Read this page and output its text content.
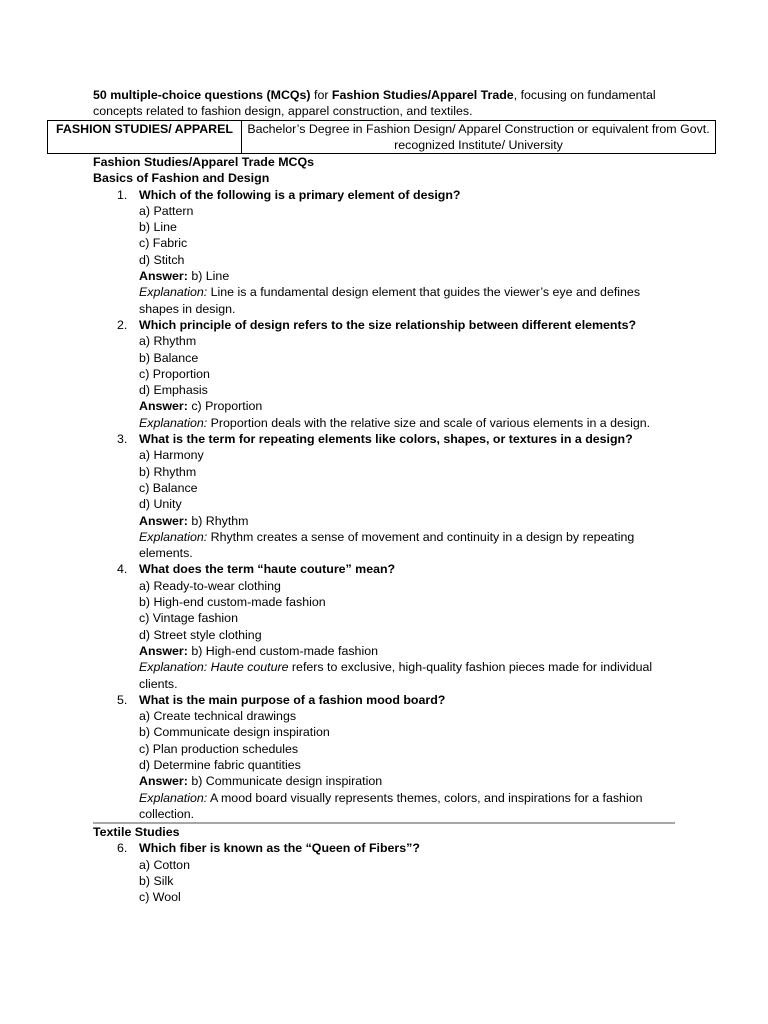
50 multiple-choice questions (MCQs) for Fashion Studies/Apparel Trade, focusing on fundamental concepts related to fashion design, apparel construction, and textiles.

FASHION STUDIES/ APPAREL	Bachelor’s Degree in Fashion Design/ Apparel Construction or equivalent from Govt. recognized Institute/ University

Fashion Studies/Apparel Trade MCQs

Basics of Fashion and Design

1. Which of the following is a primary element of design?

a) Pattern

b) Line

c) Fabric

d) Stitch

Answer: b) Line

Explanation: Line is a fundamental design element that guides the viewer’s eye and defines shapes in design.

2. Which principle of design refers to the size relationship between different elements?

a) Rhythm

b) Balance

c) Proportion

d) Emphasis

Answer: c) Proportion

Explanation: Proportion deals with the relative size and scale of various elements in a design.

3. What is the term for repeating elements like colors, shapes, or textures in a design?

a) Harmony

b) Rhythm

c) Balance

d) Unity

Answer: b) Rhythm

Explanation: Rhythm creates a sense of movement and continuity in a design by repeating elements.

4. What does the term “haute couture” mean?

a) Ready-to-wear clothing

b) High-end custom-made fashion

c) Vintage fashion

d) Street style clothing

Answer: b) High-end custom-made fashion

Explanation: Haute couture refers to exclusive, high-quality fashion pieces made for individual clients.

5. What is the main purpose of a fashion mood board?

a) Create technical drawings

b) Communicate design inspiration

c) Plan production schedules

d) Determine fabric quantities

Answer: b) Communicate design inspiration

Explanation: A mood board visually represents themes, colors, and inspirations for a fashion collection.

Textile Studies

6. Which fiber is known as the “Queen of Fibers”?

a) Cotton

b) Silk

c) Wool
